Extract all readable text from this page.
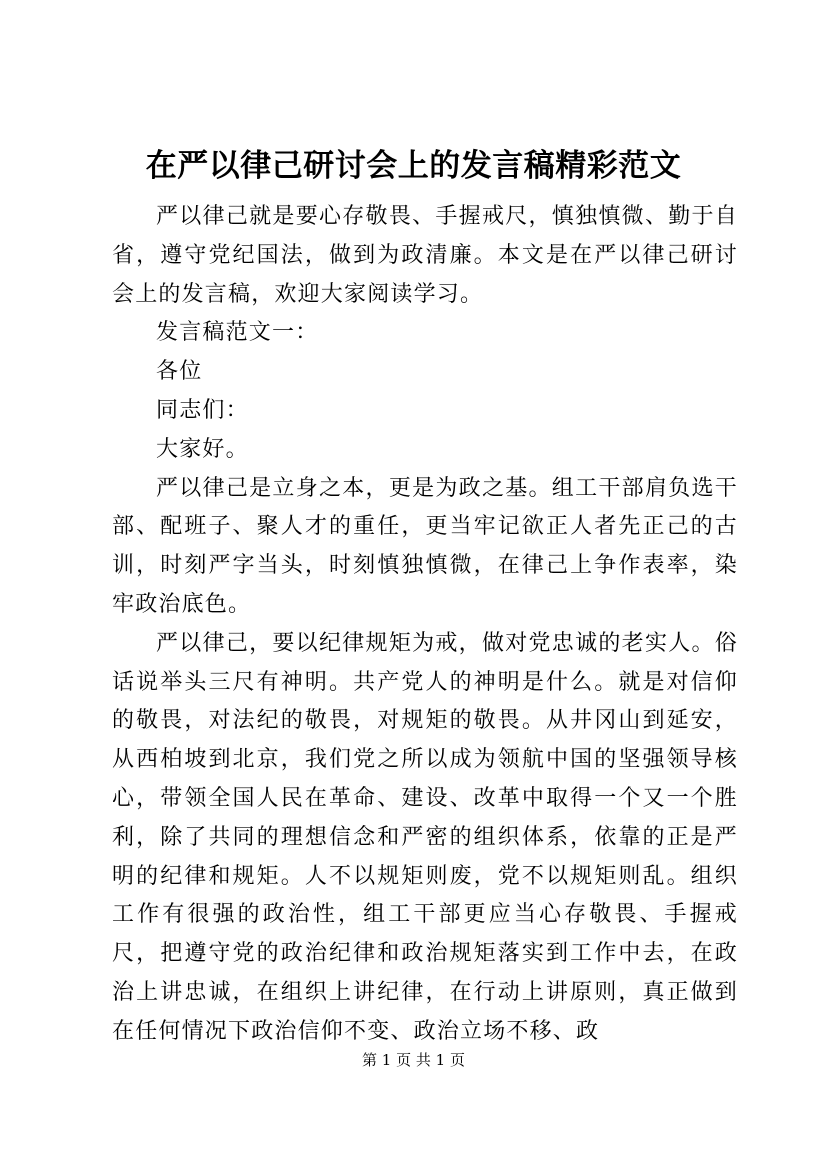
在严以律己研讨会上的发言稿精彩范文

严以律己就是要心存敬畏、手握戒尺，慎独慎微、勤于自省，遵守党纪国法，做到为政清廉。本文是在严以律己研讨会上的发言稿，欢迎大家阅读学习。

发言稿范文一：

各位

同志们：

大家好。

严以律己是立身之本，更是为政之基。组工干部肩负选干部、配班子、聚人才的重任，更当牢记欲正人者先正己的古训，时刻严字当头，时刻慎独慎微，在律己上争作表率，染牢政治底色。

严以律己，要以纪律规矩为戒，做对党忠诚的老实人。俗话说举头三尺有神明。共产党人的神明是什么。就是对信仰的敬畏，对法纪的敬畏，对规矩的敬畏。从井冈山到延安，从西柏坡到北京，我们党之所以成为领航中国的坚强领导核心，带领全国人民在革命、建设、改革中取得一个又一个胜利，除了共同的理想信念和严密的组织体系，依靠的正是严明的纪律和规矩。人不以规矩则废，党不以规矩则乱。组织工作有很强的政治性，组工干部更应当心存敬畏、手握戒尺，把遵守党的政治纪律和政治规矩落实到工作中去，在政治上讲忠诚，在组织上讲纪律，在行动上讲原则，真正做到在任何情况下政治信仰不变、政治立场不移、政

第 1 页 共 1 页
